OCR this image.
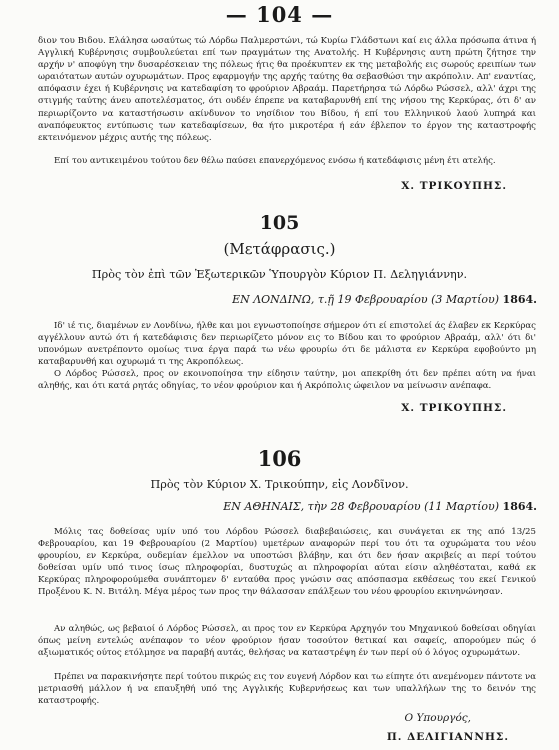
— 104 —

διον του Βιδου. Ελάλησα ωσαύτως τώ Λόρδω Παλμερστώνι, τώ Κυρίω Γλάδστωνι καί εις άλλα πρόσωπα άτινα ή Αγγλική Κυβέρνησις συμβουλεύεται επί των πραγμάτων της Ανατολής. Η Κυβέρνησις αυτη πρώτη ζήτησε την αρχήν ν' αποφύγη την δυσαρέσκειαν της πόλεως ήτις θα προέκυπτεν εκ της μεταβολής εις σωρούς ερειπίων των ωραιότατων αυτών οχυρωμάτων. Προς εφαρμογήν της αρχής ταύτης θα σεβασθώσι την ακρόπολιν. Απ' εναντίας, απόφασιν έχει ή Κυβέρνησις να κατεδαφίση το φρούριον Αβραάμ. Παρετήρησα τώ Λόρδω Ρώσσελ, αλλ' άχρι της στιγμής ταύτης άνευ αποτελέσματος, ότι ουδέν έπρεπε να καταβαρυνθή επί της νήσου της Κερκύρας, ότι δ' αν περιωρίζοντο να καταστήσωσιν ακίνδυνον το νησίδιον του Βίδου, ή επί του Ελληνικού λαού λυπηρά και αναπόφευκτος εντύπωσις των κατεδαφίσεων, θα ήτο μικροτέρα ή εάν έβλεπον το έργον της καταστροφής εκτεινόμενον μέχρις αυτής της πόλεως.

Επί του αντικειμένου τούτου δεν θέλω παύσει επανερχόμενος ενόσω ή κατεδάφισις μένη έτι ατελής.

Χ. ΤΡΙΚΟΥΠΗΣ.
105
(Μετάφρασις.)
Πρὸς τὸν ἐπὶ τῶν Ἐξωτερικῶν Ὑπουργὸν Κύριον Π. Δεληγιάννην.
ΕΝ ΛΟΝΔΙΝΩ, τ.ῇ 19 Φεβρουαρίου (3 Μαρτίου) 1864.

Ιδ' ιέ τις, διαμένων εν Λονδίνω, ήλθε και μοι εγνωστοποίησε σήμερον ότι εί επιστολεί άς έλαβεν εκ Κερκύρας αγγέλλουν αυτώ ότι ή κατεδάφισις δεν περιωρίζετο μόνον εις το Βίδου και το φρούριον Αβραάμ, αλλ' ότι δι' υπονόμων ανετρέποντο ομοίως τινα έργα παρά τω νέω φρουρίω ότι δε μάλιστα εν Κερκύρα εφοβούντο μη καταβαρυνθή και οχυρωμά τι της Ακροπόλεως.

Ο Λόρδος Ρώσσελ, προς ον εκοινοποίησα την είδησιν ταύτην, μοι απεκρίθη ότι δεν πρέπει αύτη να ήναι αληθής, και ότι κατά ρητάς οδηγίας, το νέον φρούριον και ή Ακρόπολις ώφειλον να μείνωσιν ανέπαφα.

Χ. ΤΡΙΚΟΥΠΗΣ.
106
Πρὸς τὸν Κύριον Χ. Τρικούπην, εἰς Λονδῖνον.
ΕΝ ΑΘΗΝΑΙΣ, τὴν 28 Φεβρουαρίου (11 Μαρτίου) 1864.

Μόλις τας δοθείσας υμίν υπό του Λόρδου Ρώσσελ διαβεβαιώσεις, και συνάγεται εκ της από 13/25 Φεβρουαρίου, και 19 Φεβρουαρίου (2 Μαρτίου) υμετέρων αναφορών περί του ότι τα οχυρώματα του νέου φρουρίου, εν Κερκύρα, ουδεμίαν έμελλον να υποστώσι βλάβην, και ότι δεν ήσαν ακριβείς αι περί τούτου δοθείσαι υμίν υπό τινος ίσως πληροφορίαι, δυστυχώς αι πληροφορίαι αύται είσιν αληθέσταται, καθά εκ Κερκύρας πληροφορούμεθα συνάπτομεν δ' ενταύθα προς γνώσιν σας απόσπασμα εκθέσεως του εκεί Γενικού Προξένου Κ. Ν. Βιτάλη. Μέγα μέρος των προς την θάλασσαν επάλξεων του νέου φρουρίου εκινηνώνησαν.

Αν αληθώς, ως βεβαιοί ό Λόρδος Ρώσσελ, αι προς τον εν Κερκύρα Αρχηγόν του Μηχανικού δοθείσαι οδηγίαι όπως μείνη εντελώς ανέπαφον το νέον φρούριον ήσαν τοσούτον θετικαί και σαφείς, απορούμεν πώς ό αξιωματικός ούτος ετόλμησε να παραβή αυτάς, θελήσας να καταστρέψη έν των περί ού ό λόγος οχυρωμάτων.

Πρέπει να παρακινήσητε περί τούτου πικρώς εις τον ευγενή Λόρδον και τω είπητε ότι ανεμένομεν πάντοτε να μετριασθή μάλλον ή να επαυξηθή υπό της Αγγλικής Κυβερνήσεως και των υπαλλήλων της το δεινόν της καταστροφής.

Ο Υπουργός,
Π. ΔΕΛΙΓΙΑΝΝΗΣ.
